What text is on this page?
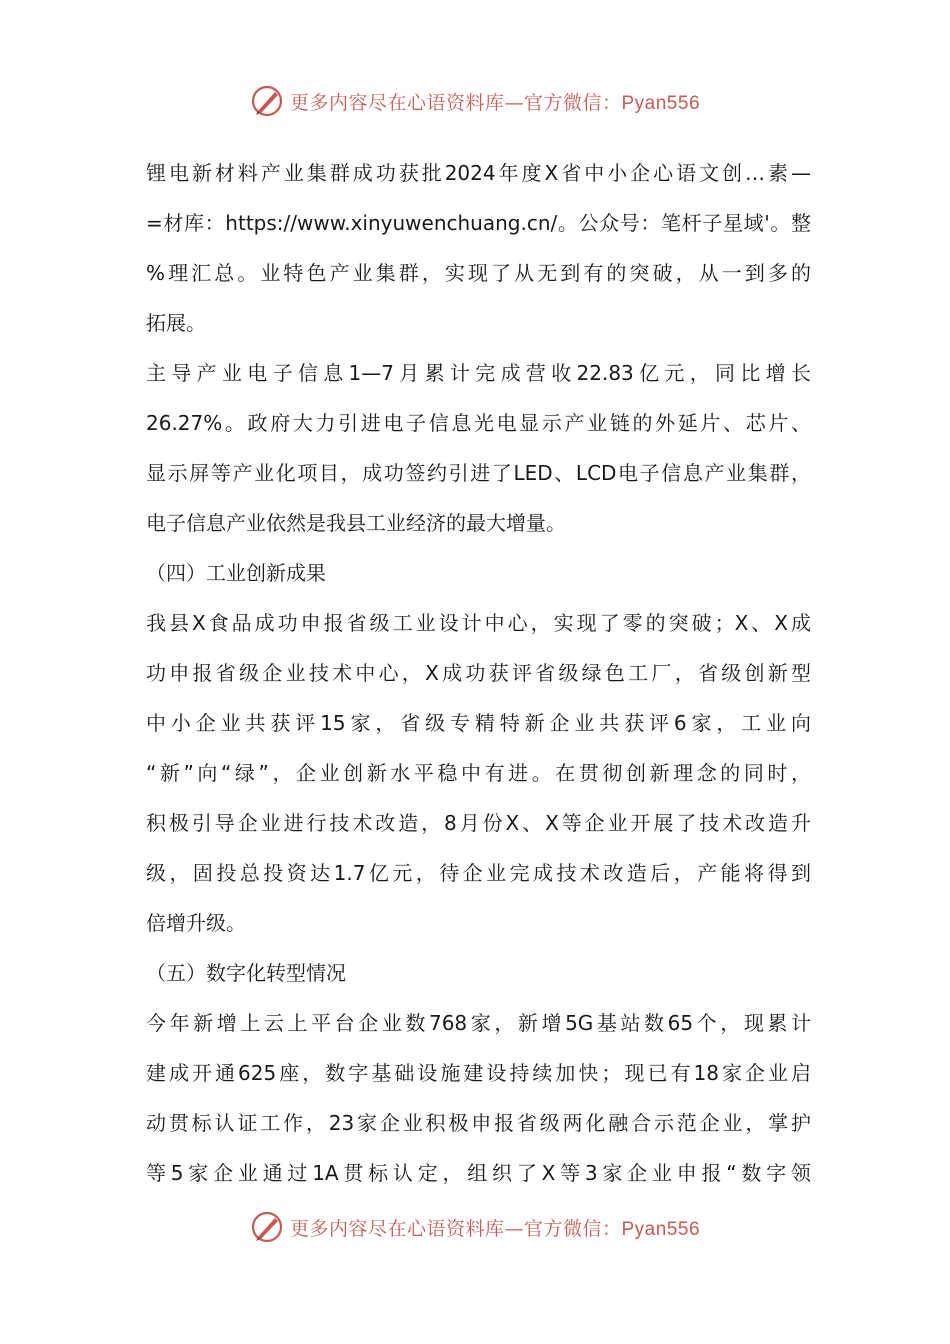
更多内容尽在心语资料库—官方微信：Pyan556
锂电新材料产业集群成功获批2024年度X省中小企心语文创…素—
=材库：https://www.xinyuwenchuang.cn/。公众号：笔杆子星域'。整
%理汇总。业特色产业集群，实现了从无到有的突破，从一到多的
拓展。
主导产业电子信息1—7月累计完成营收22.83亿元，同比增长
26.27%。政府大力引进电子信息光电显示产业链的外延片、芯片、
显示屏等产业化项目，成功签约引进了LED、LCD电子信息产业集群，
电子信息产业依然是我县工业经济的最大增量。
（四）工业创新成果
我县X食品成功申报省级工业设计中心，实现了零的突破；X、X成
功申报省级企业技术中心，X成功获评省级绿色工厂，省级创新型
中小企业共获评15家，省级专精特新企业共获评6家，工业向
“新”向“绿”，企业创新水平稳中有进。在贯彻创新理念的同时，
积极引导企业进行技术改造，8月份X、X等企业开展了技术改造升
级，固投总投资达1.7亿元，待企业完成技术改造后，产能将得到
倍增升级。
（五）数字化转型情况
今年新增上云上平台企业数768家，新增5G基站数65个，现累计
建成开通625座，数字基础设施建设持续加快；现已有18家企业启
动贯标认证工作，23家企业积极申报省级两化融合示范企业，掌护
等5家企业通过1A贯标认定，组织了X等3家企业申报“数字领
更多内容尽在心语资料库—官方微信：Pyan556
